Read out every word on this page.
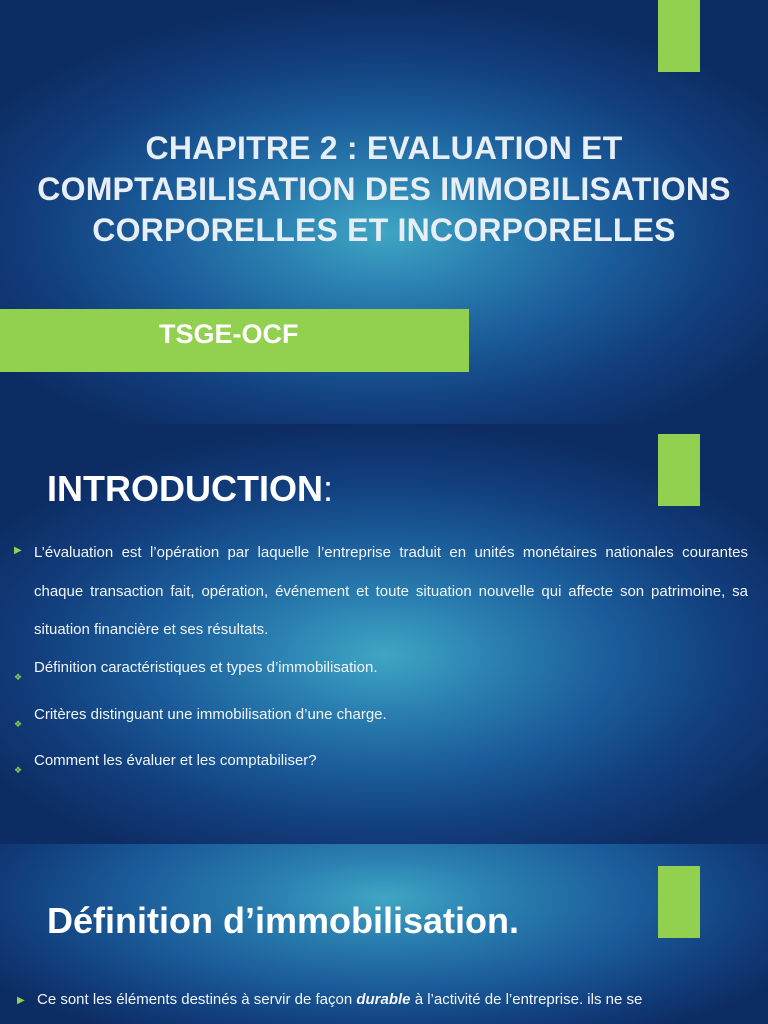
CHAPITRE 2 : EVALUATION ET
COMPTABILISATION DES IMMOBILISATIONS
CORPORELLES ET INCORPORELLES
TSGE-OCF
INTRODUCTION:
▶ L’évaluation est l’opération par laquelle l’entreprise traduit en unités monétaires nationales courantes chaque transaction fait, opération, événement et toute situation nouvelle qui affecte son patrimoine, sa situation financière et ses résultats.
❖
Définition caractéristiques et types d’immobilisation.
❖
Critères distinguant une immobilisation d’une charge.
❖
Comment les évaluer et les comptabiliser?
Définition d’immobilisation.
▶ Ce sont les éléments destinés à servir de façon durable à l’activité de l’entreprise. ils ne se
